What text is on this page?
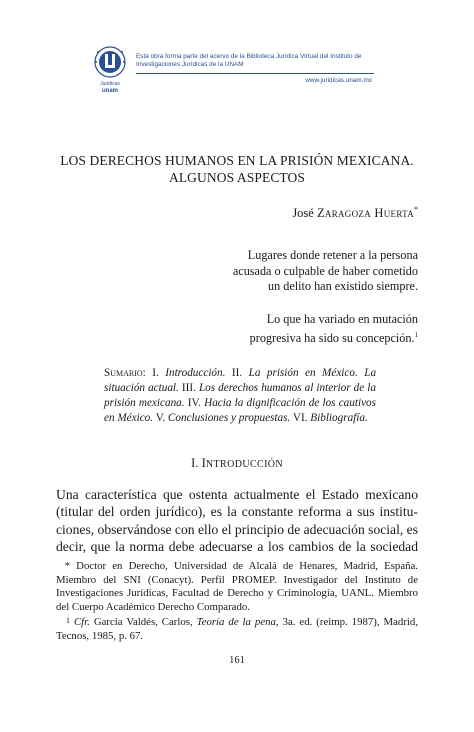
Juridicas
unam
Esta obra forma parte del acervo de la Biblioteca Jurídica Virtual del Instituto de Investigaciones Jurídicas de la UNAM
www.juridicas.unam.mx
LOS DERECHOS HUMANOS EN LA PRISIÓN MEXICANA. ALGUNOS ASPECTOS
José Zaragoza Huerta*
Lugares donde retener a la persona
acusada o culpable de haber cometido
un delito han existido siempre.
Lo que ha variado en mutación
progresiva ha sido su concepción.$^1$
Sumario: I. Introducción. II. La prisión en México. La situación actual. III. Los derechos humanos al interior de la prisión mexicana. IV. Hacia la dignificación de los cautivos en México. V. Conclusiones y propuestas. VI. Bibliografía.
I. INTRODUCCIÓN
Una característica que ostenta actualmente el Estado mexicano
(titular del orden jurídico), es la constante reforma a sus institu-
ciones, observándose con ello el principio de adecuación social, es
decir, que la norma debe adecuarse a los cambios de la sociedad
* Doctor en Derecho, Universidad de Alcalá de Henares, Madrid, España. Miembro del SNI (Conacyt). Perfil PROMEP. Investigador del Instituto de Investigaciones Jurídicas, Facultad de Derecho y Criminología, UANL. Miembro del Cuerpo Académico Derecho Comparado.
1 Cfr. García Valdés, Carlos, Teoría de la pena, 3a. ed. (reimp. 1987), Madrid, Tecnos, 1985, p. 67.
161
